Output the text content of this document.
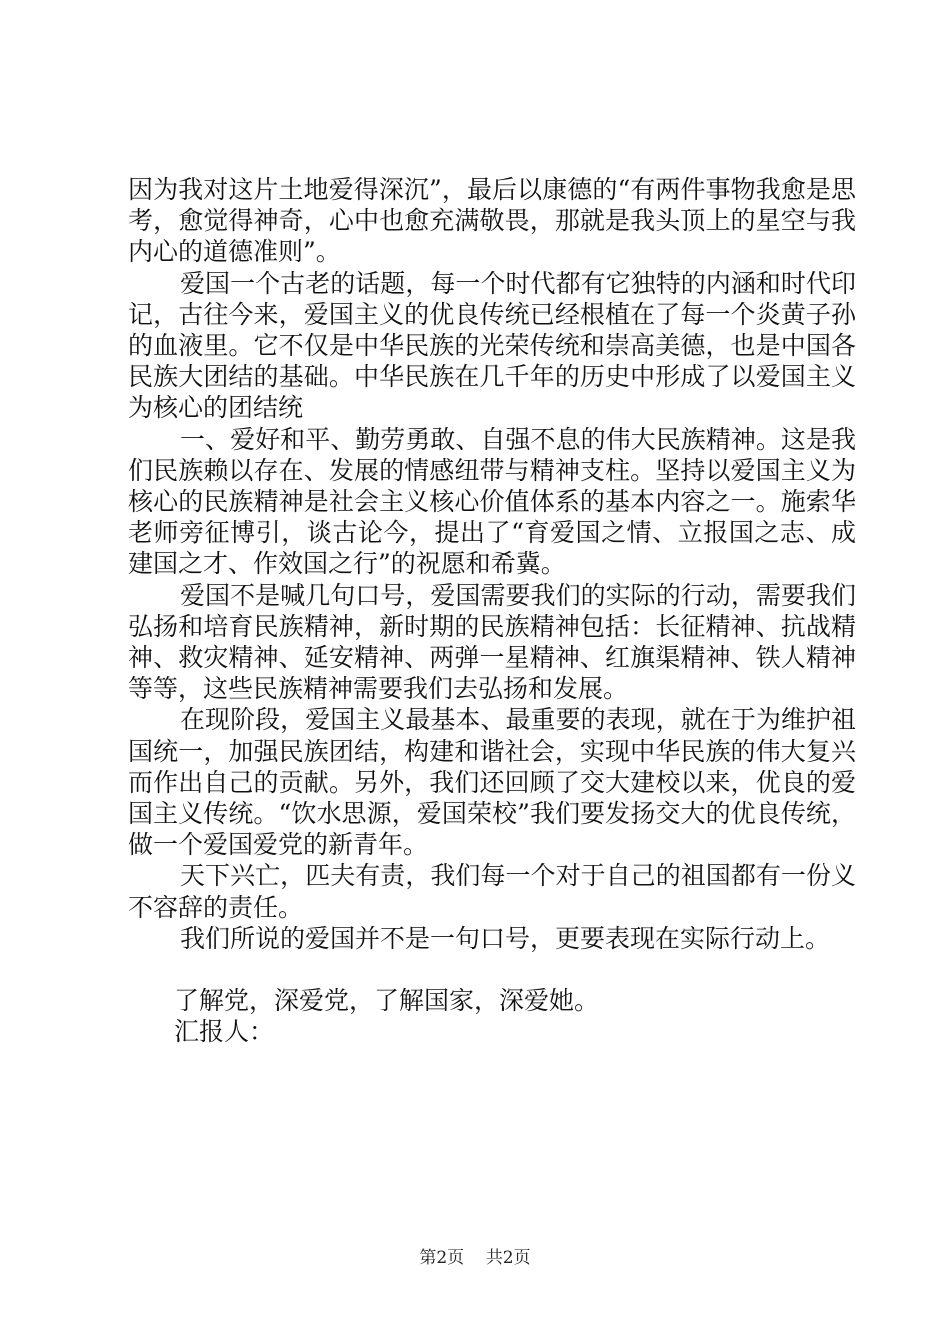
因为我对这片土地爱得深沉”，最后以康德的“有两件事物我愈是思考，愈觉得神奇，心中也愈充满敬畏，那就是我头顶上的星空与我内心的道德准则”。

爱国一个古老的话题，每一个时代都有它独特的内涵和时代印记，古往今来，爱国主义的优良传统已经根植在了每一个炎黄子孙的血液里。它不仅是中华民族的光荣传统和崇高美德，也是中国各民族大团结的基础。中华民族在几千年的历史中形成了以爱国主义为核心的团结统

一、爱好和平、勤劳勇敢、自强不息的伟大民族精神。这是我们民族赖以存在、发展的情感纽带与精神支柱。坚持以爱国主义为核心的民族精神是社会主义核心价值体系的基本内容之一。施索华老师旁征博引，谈古论今，提出了“育爱国之情、立报国之志、成建国之才、作效国之行”的祝愿和希冀。

爱国不是喊几句口号，爱国需要我们的实际的行动，需要我们弘扬和培育民族精神，新时期的民族精神包括：长征精神、抗战精神、救灾精神、延安精神、两弹一星精神、红旗渠精神、铁人精神等等，这些民族精神需要我们去弘扬和发展。

在现阶段，爱国主义最基本、最重要的表现，就在于为维护祖国统一，加强民族团结，构建和谐社会，实现中华民族的伟大复兴而作出自己的贡献。另外，我们还回顾了交大建校以来，优良的爱国主义传统。“饮水思源，爱国荣校”我们要发扬交大的优良传统，做一个爱国爱党的新青年。

天下兴亡，匹夫有责，我们每一个对于自己的祖国都有一份义不容辞的责任。

我们所说的爱国并不是一句口号，更要表现在实际行动上。

了解党，深爱党，了解国家，深爱她。

汇报人：

第2页 共2页
